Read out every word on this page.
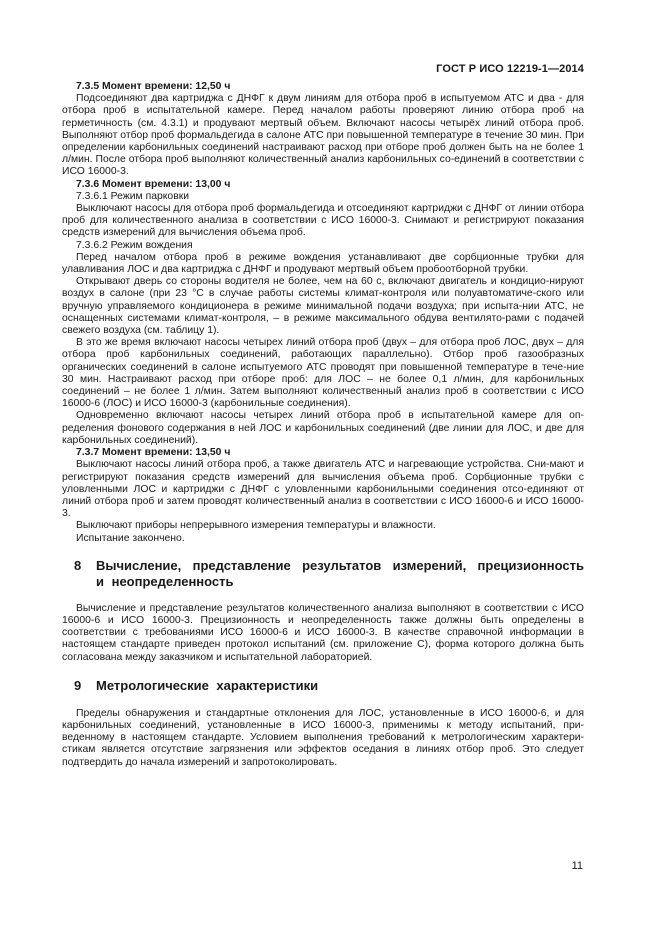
ГОСТ Р ИСО 12219-1—2014
7.3.5 Момент времени: 12,50 ч
Подсоединяют два картриджа с ДНФГ к двум линиям для отбора проб в испытуемом АТС и два - для отбора проб в испытательной камере. Перед началом работы проверяют линию отбора проб на герметичность (см. 4.3.1) и продувают мертвый объем. Включают насосы четырёх линий отбора проб. Выполняют отбор проб формальдегида в салоне АТС при повышенной температуре в течение 30 мин. При определении карбонильных соединений настраивают расход при отборе проб должен быть на не более 1 л/мин. После отбора проб выполняют количественный анализ карбонильных со-единений в соответствии с ИСО 16000-3.
7.3.6 Момент времени: 13,00 ч
7.3.6.1 Режим парковки
Выключают насосы для отбора проб формальдегида и отсоединяют картриджи с ДНФГ от линии отбора проб для количественного анализа в соответствии с ИСО 16000-3. Снимают и регистрируют показания средств измерений для вычисления объема проб.
7.3.6.2 Режим вождения
Перед началом отбора проб в режиме вождения устанавливают две сорбционные трубки для улавливания ЛОС и два картриджа с ДНФГ и продувают мертвый объем пробоотборной трубки.
Открывают дверь со стороны водителя не более, чем на 60 с, включают двигатель и кондицио-нируют воздух в салоне (при 23 °С в случае работы системы климат-контроля или полуавтоматиче-ского или вручную управляемого кондиционера в режиме минимальной подачи воздуха; при испыта-нии АТС, не оснащенных системами климат-контроля, – в режиме максимального обдува вентилято-рами с подачей свежего воздуха (см. таблицу 1).
В это же время включают насосы четырех линий отбора проб (двух – для отбора проб ЛОС, двух – для отбора проб карбонильных соединений, работающих параллельно). Отбор проб газообразных органических соединений в салоне испытуемого АТС проводят при повышенной температуре в тече-ние 30 мин. Настраивают расход при отборе проб: для ЛОС – не более 0,1 л/мин, для карбонильных соединений – не более 1 л/мин. Затем выполняют количественный анализ проб в соответствии с ИСО 16000-6 (ЛОС) и ИСО 16000-3 (карбонильные соединения).
Одновременно включают насосы четырех линий отбора проб в испытательной камере для оп-ределения фонового содержания в ней ЛОС и карбонильных соединений (две линии для ЛОС, и две для карбонильных соединений).
7.3.7 Момент времени: 13,50 ч
Выключают насосы линий отбора проб, а также двигатель АТС и нагревающие устройства. Сни-мают и регистрируют показания средств измерений для вычисления объема проб. Сорбционные трубки с уловленными ЛОС и картриджи с ДНФГ с уловленными карбонильными соединения отсо-единяют от линий отбора проб и затем проводят количественный анализ в соответствии с ИСО 16000-6 и ИСО 16000-3.
Выключают приборы непрерывного измерения температуры и влажности.
Испытание закончено.
8	Вычисление, представление результатов измерений, прецизионность и неопределенность
Вычисление и представление результатов количественного анализа выполняют в соответствии с ИСО 16000-6 и ИСО 16000-3. Прецизионность и неопределенность также должны быть определены в соответствии с требованиями ИСО 16000-6 и ИСО 16000-3. В качестве справочной информации в настоящем стандарте приведен протокол испытаний (см. приложение С), форма которого должна быть согласована между заказчиком и испытательной лабораторией.
9	Метрологические характеристики
Пределы обнаружения и стандартные отклонения для ЛОС, установленные в ИСО 16000-6, и для карбонильных соединений, установленные в ИСО 16000-3, применимы к методу испытаний, при-веденному в настоящем стандарте. Условием выполнения требований к метрологическим характери-стикам является отсутствие загрязнения или эффектов оседания в линиях отбор проб. Это следует подтвердить до начала измерений и запротоколировать.
11
